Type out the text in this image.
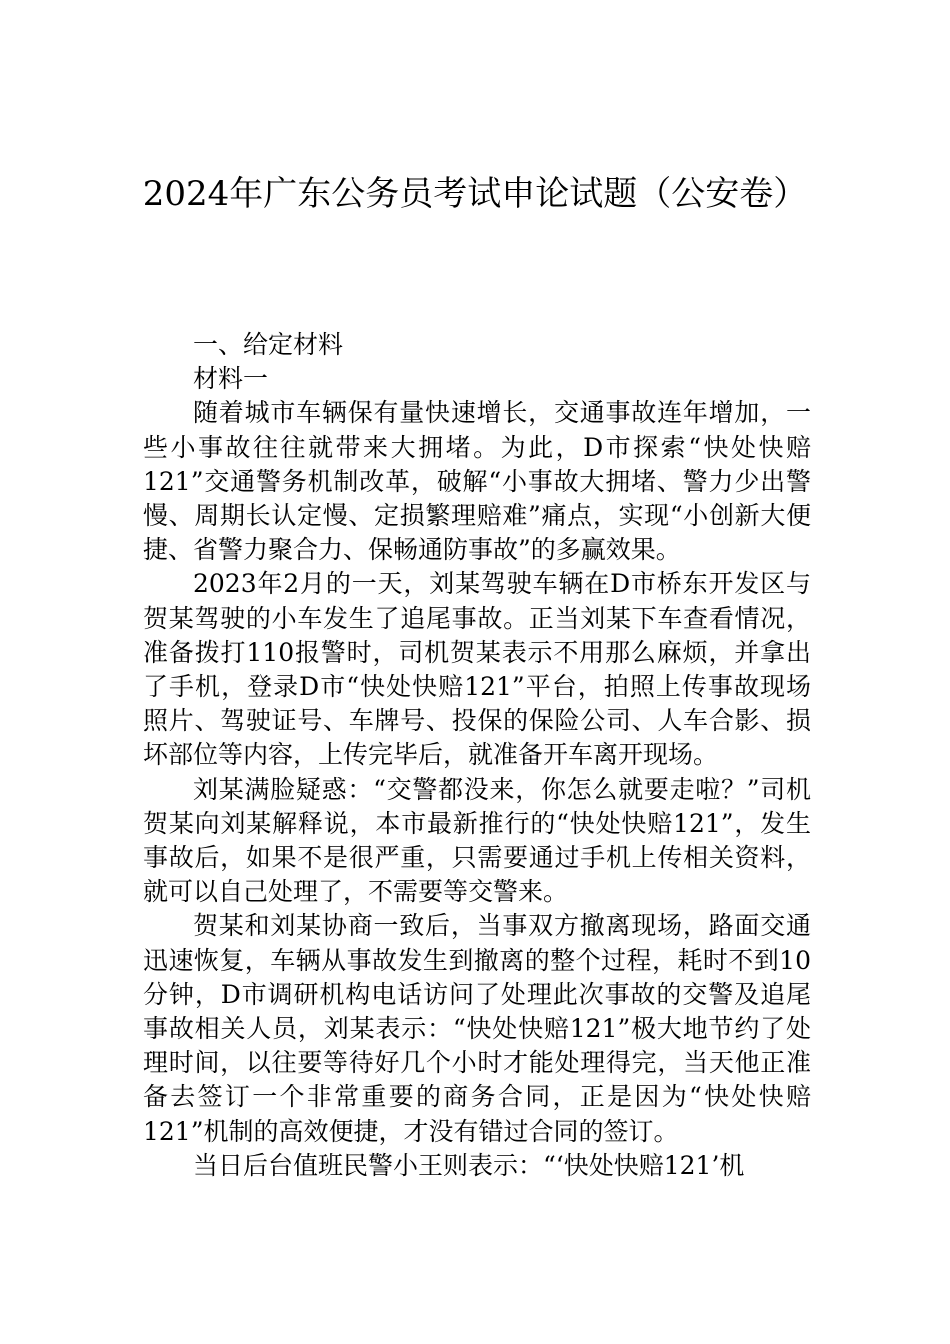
2024年广东公务员考试申论试题（公安卷）

一、给定材料

材料一

随着城市车辆保有量快速增长，交通事故连年增加，一些小事故往往就带来大拥堵。为此，D市探索“快处快赔121”交通警务机制改革，破解“小事故大拥堵、警力少出警慢、周期长认定慢、定损繁理赔难”痛点，实现“小创新大便捷、省警力聚合力、保畅通防事故”的多赢效果。

2023年2月的一天，刘某驾驶车辆在D市桥东开发区与贺某驾驶的小车发生了追尾事故。正当刘某下车查看情况，准备拨打110报警时，司机贺某表示不用那么麻烦，并拿出了手机，登录D市“快处快赔121”平台，拍照上传事故现场照片、驾驶证号、车牌号、投保的保险公司、人车合影、损坏部位等内容，上传完毕后，就准备开车离开现场。

刘某满脸疑惑：“交警都没来，你怎么就要走啦？”司机贺某向刘某解释说，本市最新推行的“快处快赔121”，发生事故后，如果不是很严重，只需要通过手机上传相关资料，就可以自己处理了，不需要等交警来。

贺某和刘某协商一致后，当事双方撤离现场，路面交通迅速恢复，车辆从事故发生到撤离的整个过程，耗时不到10分钟，D市调研机构电话访问了处理此次事故的交警及追尾事故相关人员，刘某表示：“快处快赔121”极大地节约了处理时间，以往要等待好几个小时才能处理得完，当天他正准备去签订一个非常重要的商务合同，正是因为“快处快赔121”机制的高效便捷，才没有错过合同的签订。

当日后台值班民警小王则表示：“‘快处快赔121’机
